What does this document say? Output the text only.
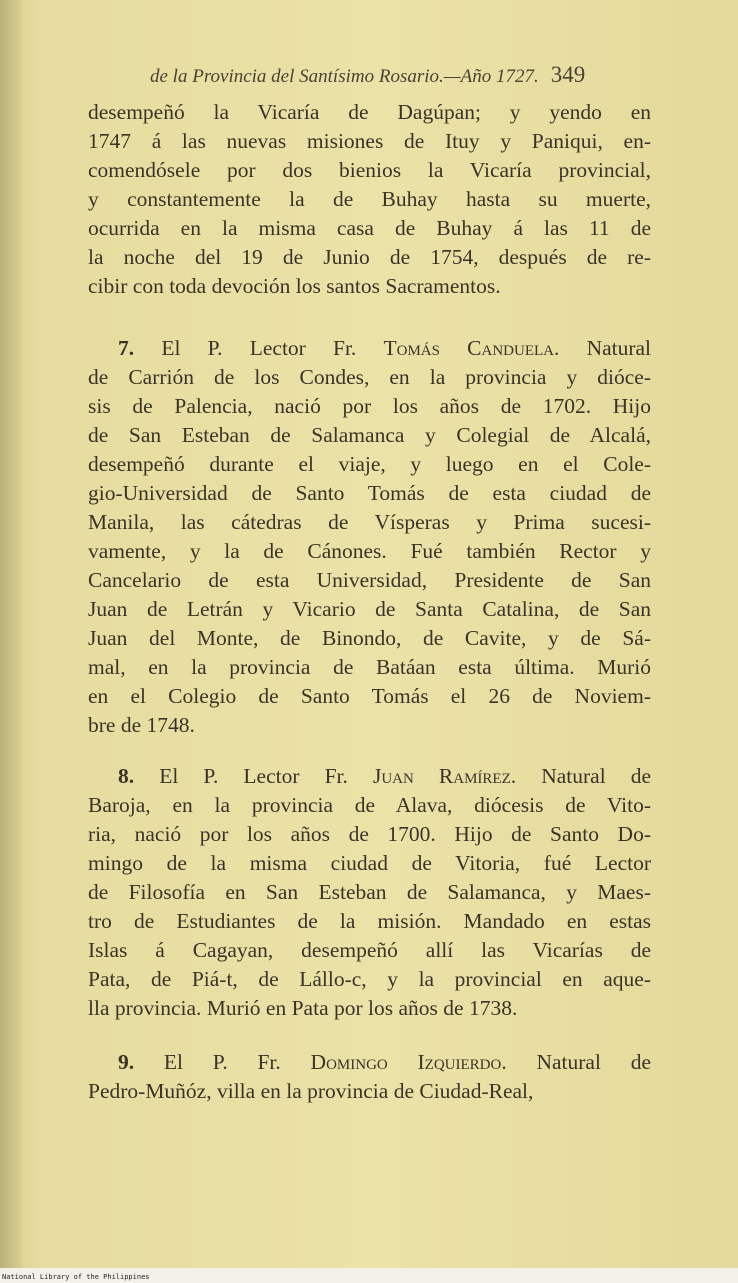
de la Provincia del Santísimo Rosario.—Año 1727. 349
desempeñó la Vicaría de Dagúpan; y yendo en
1747 á las nuevas misiones de Ituy y Paniqui, en-
comendósele por dos bienios la Vicaría provincial,
y constantemente la de Buhay hasta su muerte,
ocurrida en la misma casa de Buhay á las 11 de
la noche del 19 de Junio de 1754, después de re-
cibir con toda devoción los santos Sacramentos.
7. El P. Lector Fr. Tomás Canduela. Natural
de Carrión de los Condes, en la provincia y dióce-
sis de Palencia, nació por los años de 1702. Hijo
de San Esteban de Salamanca y Colegial de Alcalá,
desempeñó durante el viaje, y luego en el Cole-
gio-Universidad de Santo Tomás de esta ciudad de
Manila, las cátedras de Vísperas y Prima sucesi-
vamente, y la de Cánones. Fué también Rector y
Cancelario de esta Universidad, Presidente de San
Juan de Letrán y Vicario de Santa Catalina, de San
Juan del Monte, de Binondo, de Cavite, y de Sá-
mal, en la provincia de Batáan esta última. Murió
en el Colegio de Santo Tomás el 26 de Noviem-
bre de 1748.
8. El P. Lector Fr. Juan Ramírez. Natural de
Baroja, en la provincia de Alava, diócesis de Vito-
ria, nació por los años de 1700. Hijo de Santo Do-
mingo de la misma ciudad de Vitoria, fué Lector
de Filosofía en San Esteban de Salamanca, y Maes-
tro de Estudiantes de la misión. Mandado en estas
Islas á Cagayan, desempeñó allí las Vicarías de
Pata, de Piá-t, de Lállo-c, y la provincial en aque-
lla provincia. Murió en Pata por los años de 1738.
9. El P. Fr. Domingo Izquierdo. Natural de
Pedro-Muñóz, villa en la provincia de Ciudad-Real,
National Library of the Philippines
